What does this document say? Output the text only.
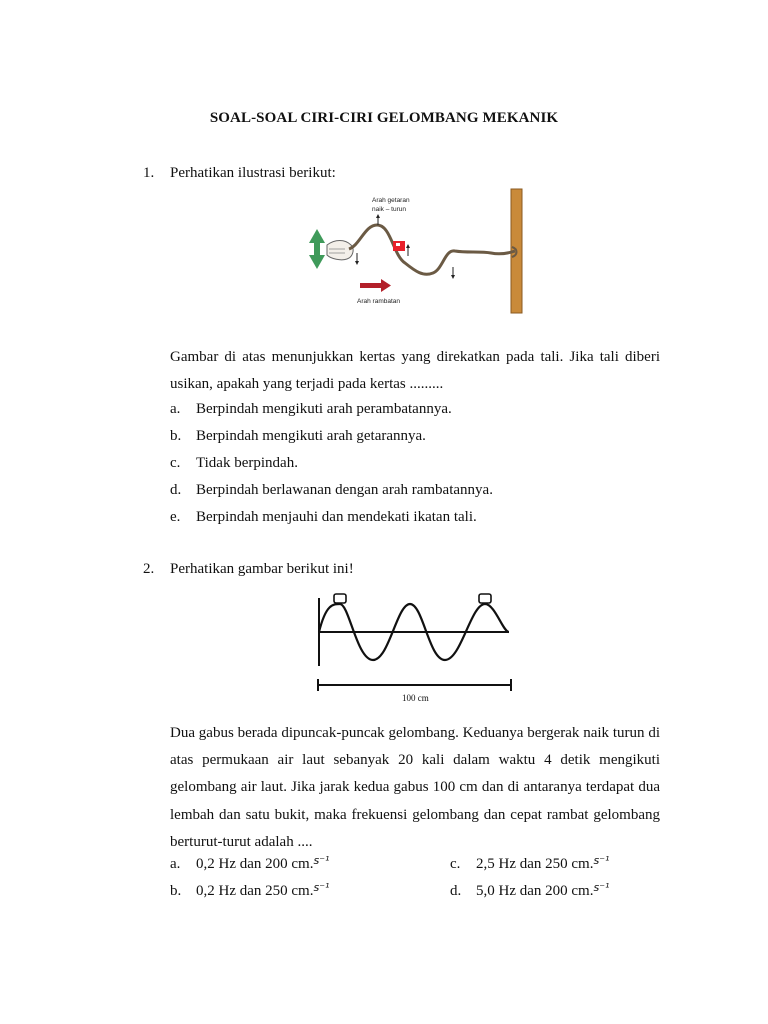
SOAL-SOAL CIRI-CIRI GELOMBANG MEKANIK
1. Perhatikan ilustrasi berikut:
Arah getaran
naik – turun
Arah rambatan
Gambar di atas menunjukkan kertas yang direkatkan pada tali. Jika tali diberi usikan, apakah yang terjadi pada kertas .........
a. Berpindah mengikuti arah perambatannya.
b. Berpindah mengikuti arah getarannya.
c. Tidak berpindah.
d. Berpindah berlawanan dengan arah rambatannya.
e. Berpindah menjauhi dan mendekati ikatan tali.
2. Perhatikan gambar berikut ini!
100 cm
Dua gabus berada dipuncak-puncak gelombang. Keduanya bergerak naik turun di atas permukaan air laut sebanyak 20 kali dalam waktu 4 detik mengikuti gelombang air laut. Jika jarak kedua gabus 100 cm dan di antaranya terdapat dua lembah dan satu bukit, maka frekuensi gelombang dan cepat rambat gelombang berturut-turut adalah ....
a. 0,2 Hz dan 200 cm.$^{s^{-1}}$
b. 0,2 Hz dan 250 cm.$^{s^{-1}}$
c. 2,5 Hz dan 250 cm.$^{s^{-1}}$
d. 5,0 Hz dan 200 cm.$^{s^{-1}}$
